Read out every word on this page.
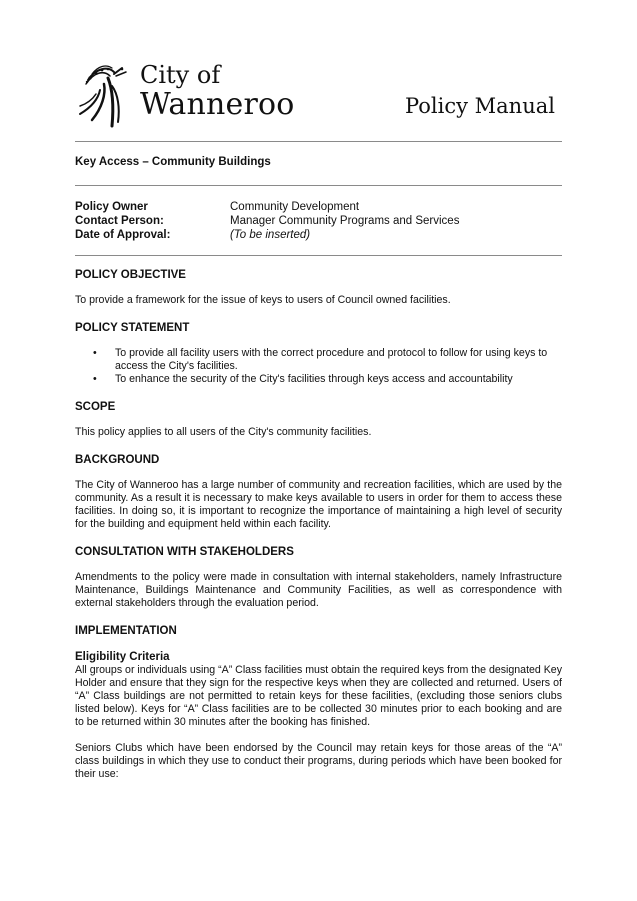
City of
Wanneroo	Policy Manual
Key Access – Community Buildings
Policy Owner	Community Development
Contact Person:	Manager Community Programs and Services
Date of Approval:	(To be inserted)
POLICY OBJECTIVE

To provide a framework for the issue of keys to users of Council owned facilities.

POLICY STATEMENT
• To provide all facility users with the correct procedure and protocol to follow for using keys to access the City's facilities.
• To enhance the security of the City's facilities through keys access and accountability
SCOPE

This policy applies to all users of the City's community facilities.

BACKGROUND

The City of Wanneroo has a large number of community and recreation facilities, which are used by the community. As a result it is necessary to make keys available to users in order for them to access these facilities. In doing so, it is important to recognize the importance of maintaining a high level of security for the building and equipment held within each facility.

CONSULTATION WITH STAKEHOLDERS

Amendments to the policy were made in consultation with internal stakeholders, namely Infrastructure Maintenance, Buildings Maintenance and Community Facilities, as well as correspondence with external stakeholders through the evaluation period.

IMPLEMENTATION
Eligibility Criteria

All groups or individuals using “A” Class facilities must obtain the required keys from the designated Key Holder and ensure that they sign for the respective keys when they are collected and returned. Users of “A” Class buildings are not permitted to retain keys for these facilities, (excluding those seniors clubs listed below). Keys for “A” Class facilities are to be collected 30 minutes prior to each booking and are to be returned within 30 minutes after the booking has finished.

Seniors Clubs which have been endorsed by the Council may retain keys for those areas of the “A” class buildings in which they use to conduct their programs, during periods which have been booked for their use:
